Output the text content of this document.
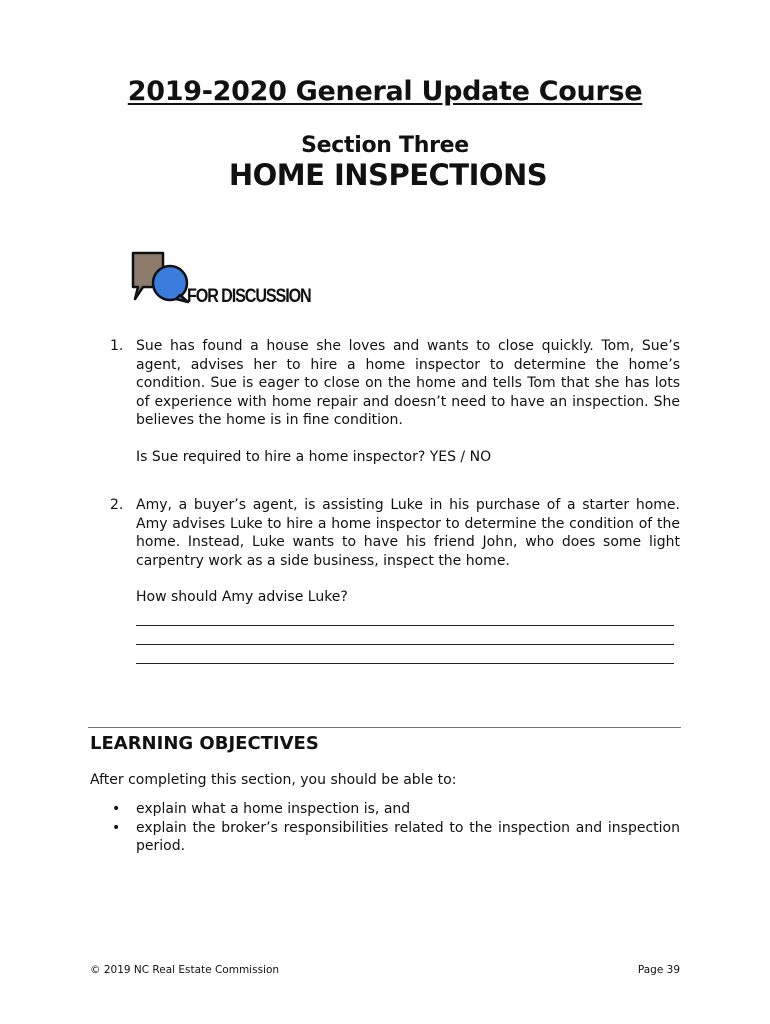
2019-2020 General Update Course
Section Three
HOME INSPECTIONS
FOR DISCUSSION
1. Sue has found a house she loves and wants to close quickly. Tom, Sue’s agent, advises her to hire a home inspector to determine the home’s condition. Sue is eager to close on the home and tells Tom that she has lots of experience with home repair and doesn’t need to have an inspection. She believes the home is in fine condition.
Is Sue required to hire a home inspector? YES / NO
2. Amy, a buyer’s agent, is assisting Luke in his purchase of a starter home. Amy advises Luke to hire a home inspector to determine the condition of the home. Instead, Luke wants to have his friend John, who does some light carpentry work as a side business, inspect the home.
How should Amy advise Luke?
LEARNING OBJECTIVES
After completing this section, you should be able to:
• explain what a home inspection is, and
• explain the broker’s responsibilities related to the inspection and inspection period.
© 2019 NC Real Estate Commission	Page 39
